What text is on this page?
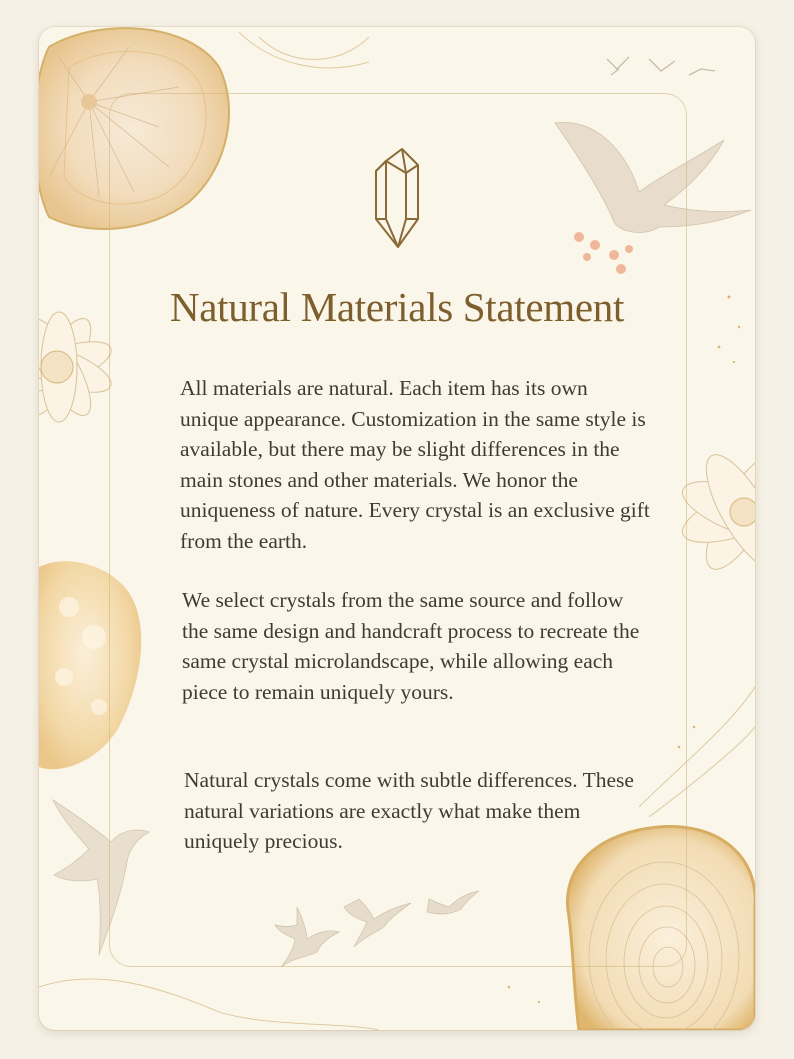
Natural Materials Statement

All materials are natural. Each item has its own unique appearance. Customization in the same style is available, but there may be slight differences in the main stones and other materials. We honor the uniqueness of nature. Every crystal is an exclusive gift from the earth.

We select crystals from the same source and follow the same design and handcraft process to recreate the same crystal microlandscape, while allowing each piece to remain uniquely yours.

Natural crystals come with subtle differences. These natural variations are exactly what make them uniquely precious.
